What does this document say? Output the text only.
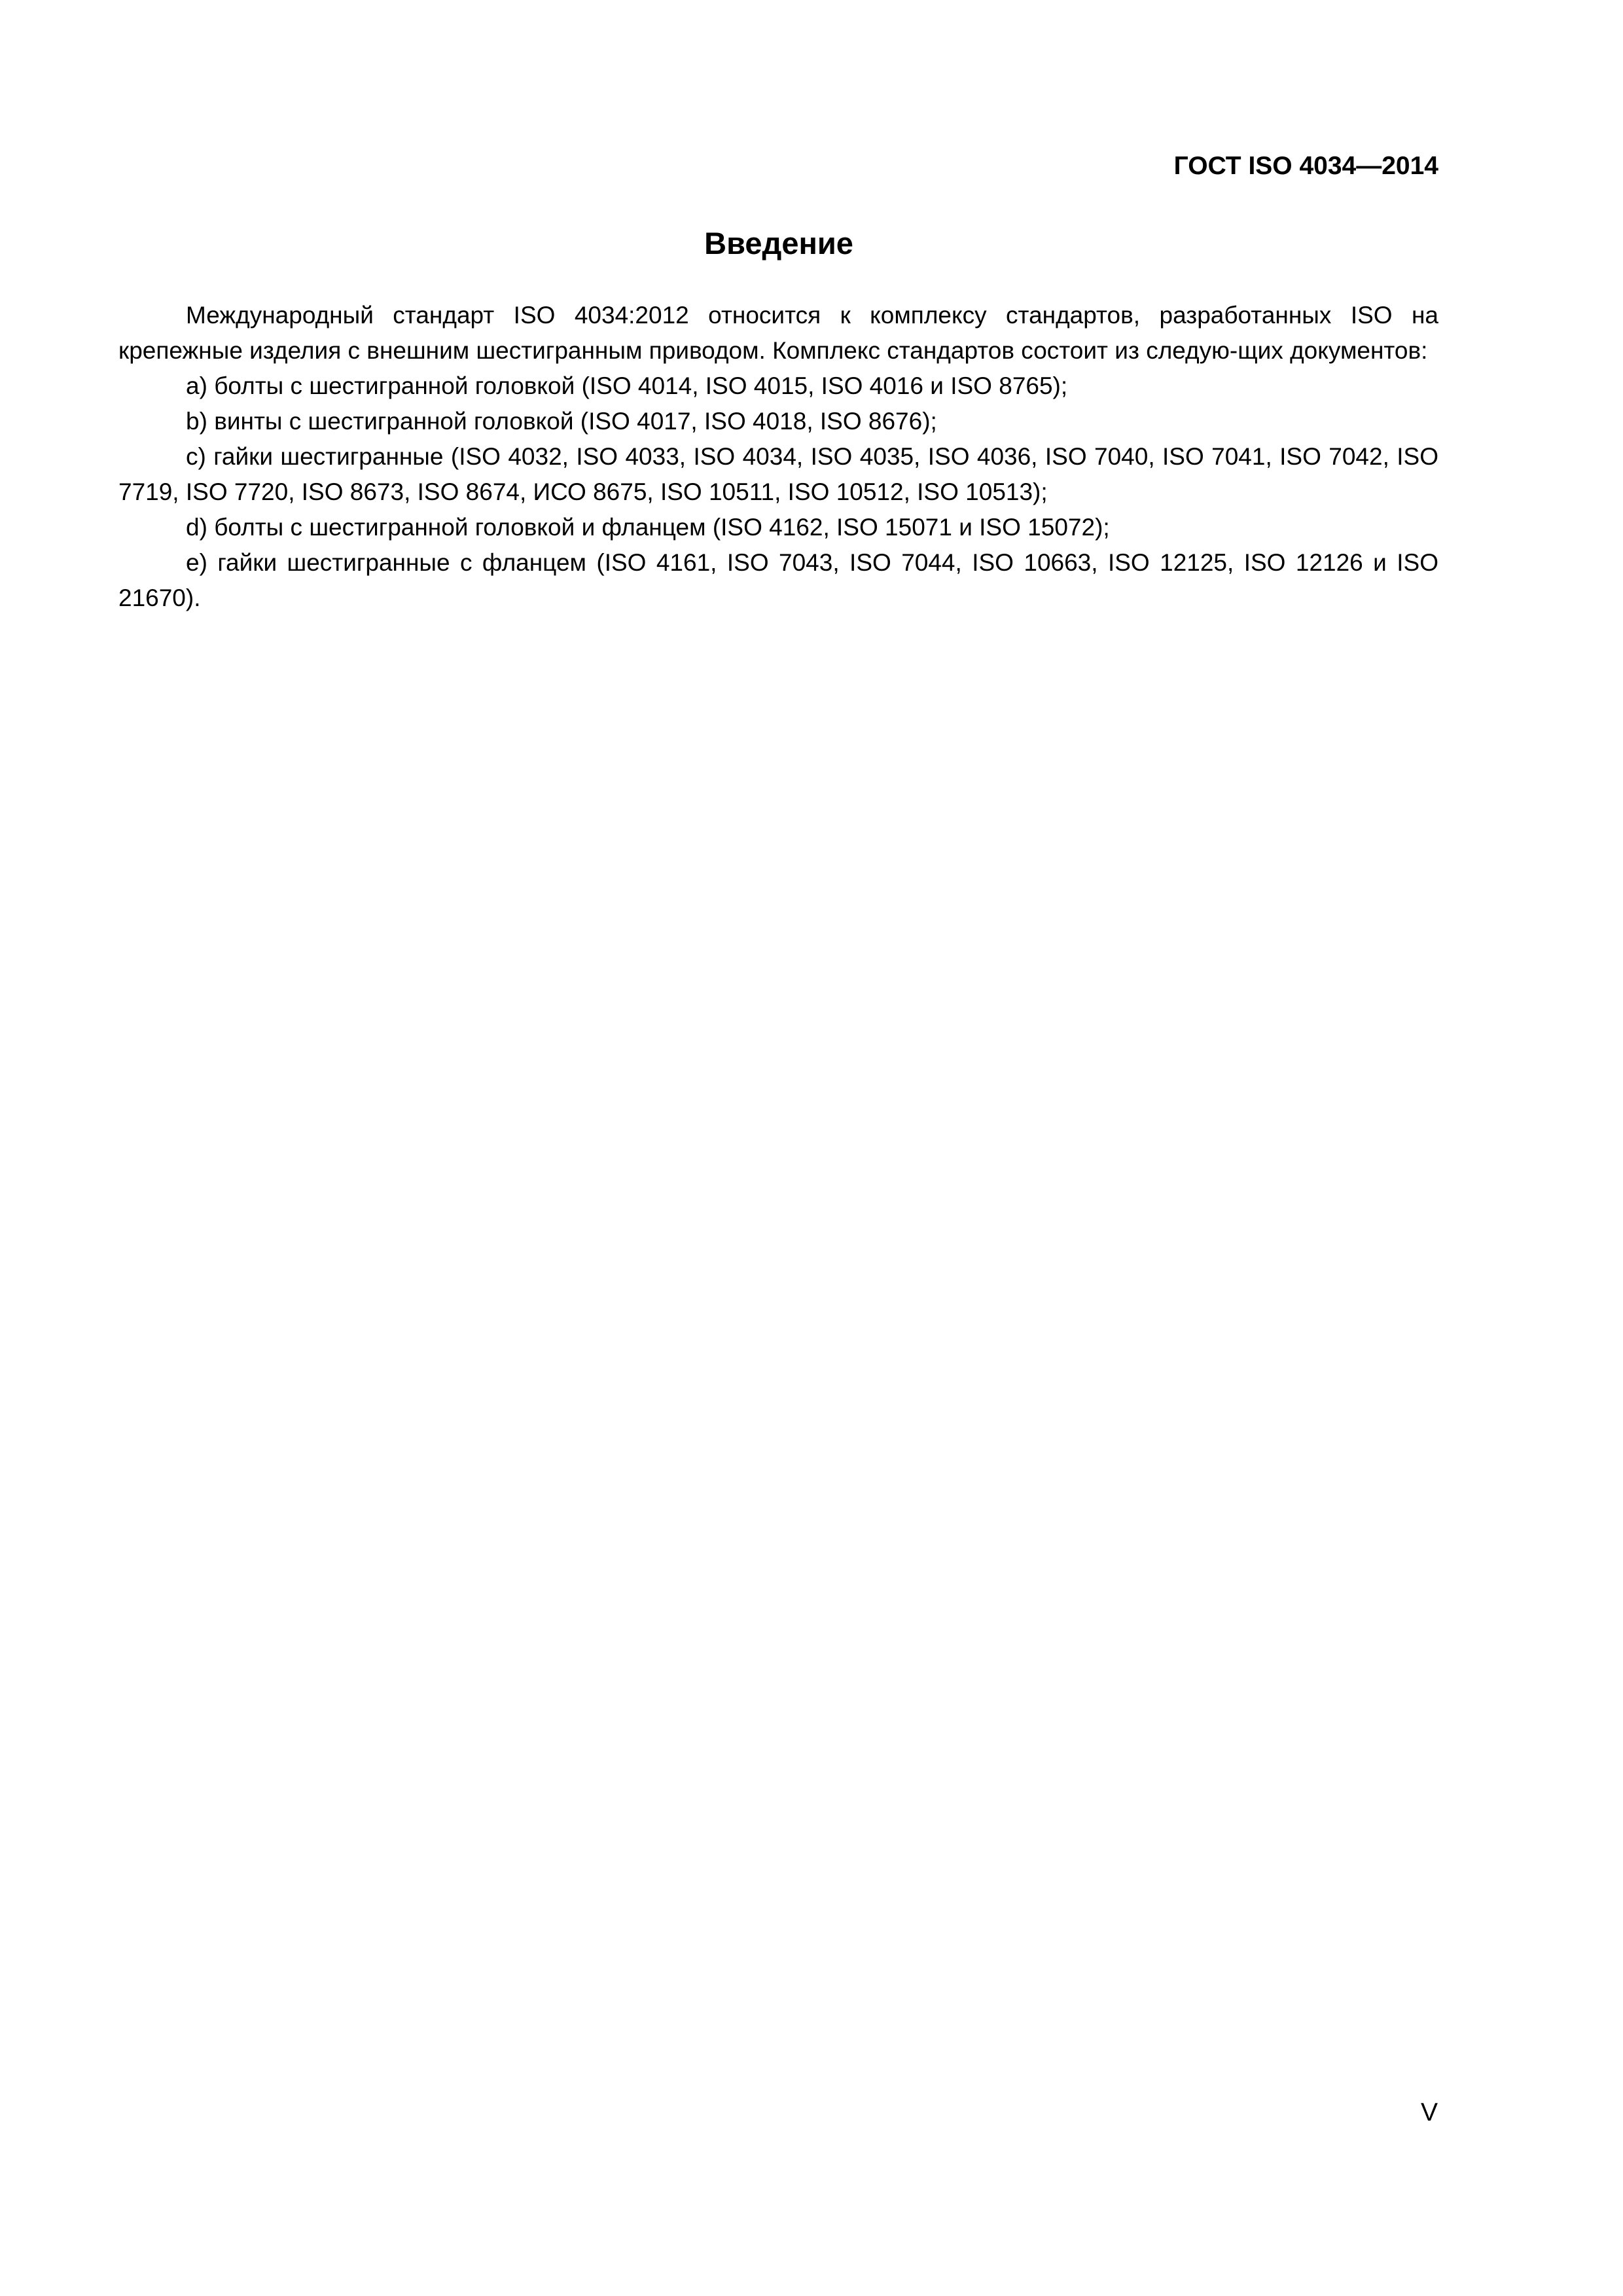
ГОСТ ISO 4034—2014
Введение

Международный стандарт ISO 4034:2012 относится к комплексу стандартов, разработанных ISO на крепежные изделия с внешним шестигранным приводом. Комплекс стандартов состоит из следую-щих документов:

a) болты с шестигранной головкой (ISO 4014, ISO 4015, ISO 4016 и ISO 8765);

b) винты с шестигранной головкой (ISO 4017, ISO 4018, ISO 8676);

c) гайки шестигранные (ISO 4032, ISO 4033, ISO 4034, ISO 4035, ISO 4036, ISO 7040, ISO 7041, ISO 7042, ISO 7719, ISO 7720, ISO 8673, ISO 8674, ИСО 8675, ISO 10511, ISO 10512, ISO 10513);

d) болты с шестигранной головкой и фланцем (ISO 4162, ISO 15071 и ISO 15072);

e) гайки шестигранные с фланцем (ISO 4161, ISO 7043, ISO 7044, ISO 10663, ISO 12125, ISO 12126 и ISO 21670).

V
